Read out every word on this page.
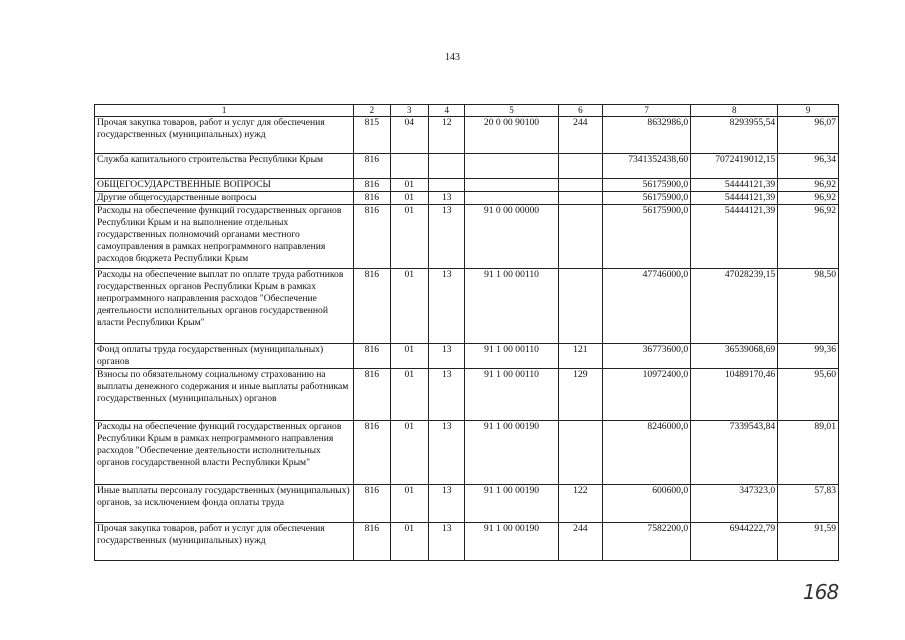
143
1	2	3	4	5	6	7	8	9
Прочая закупка товаров, работ и услуг для обеспечения государственных (муниципальных) нужд	815	04	12	20 0 00 90100	244	8632986,0	8293955,54	96,07
Служба капитального строительства Республики Крым	816					7341352438,60	7072419012,15	96,34
ОБЩЕГОСУДАРСТВЕННЫЕ ВОПРОСЫ	816	01				56175900,0	54444121,39	96,92
Другие общегосударственные вопросы	816	01	13			56175900,0	54444121,39	96,92
Расходы на обеспечение функций государственных органов Республики Крым и на выполнение отдельных государственных полномочий органами местного самоуправления в рамках непрограммного направления расходов бюджета Республики Крым	816	01	13	91 0 00 00000		56175900,0	54444121,39	96,92
Расходы на обеспечение выплат по оплате труда работников государственных органов Республики Крым в рамках непрограммного направления расходов "Обеспечение деятельности исполнительных органов государственной власти Республики Крым"	816	01	13	91 1 00 00110		47746000,0	47028239,15	98,50
Фонд оплаты труда государственных (муниципальных) органов	816	01	13	91 1 00 00110	121	36773600,0	36539068,69	99,36
Взносы по обязательному социальному страхованию на выплаты денежного содержания и иные выплаты работникам государственных (муниципальных) органов	816	01	13	91 1 00 00110	129	10972400,0	10489170,46	95,60
Расходы на обеспечение функций государственных органов Республики Крым в рамках непрограммного направления расходов "Обеспечение деятельности исполнительных органов государственной власти Республики Крым"	816	01	13	91 1 00 00190		8246000,0	7339543,84	89,01
Иные выплаты персоналу государственных (муниципальных) органов, за исключением фонда оплаты труда	816	01	13	91 1 00 00190	122	600600,0	347323,0	57,83
Прочая закупка товаров, работ и услуг для обеспечения государственных (муниципальных) нужд	816	01	13	91 1 00 00190	244	7582200,0	6944222,79	91,59
168
